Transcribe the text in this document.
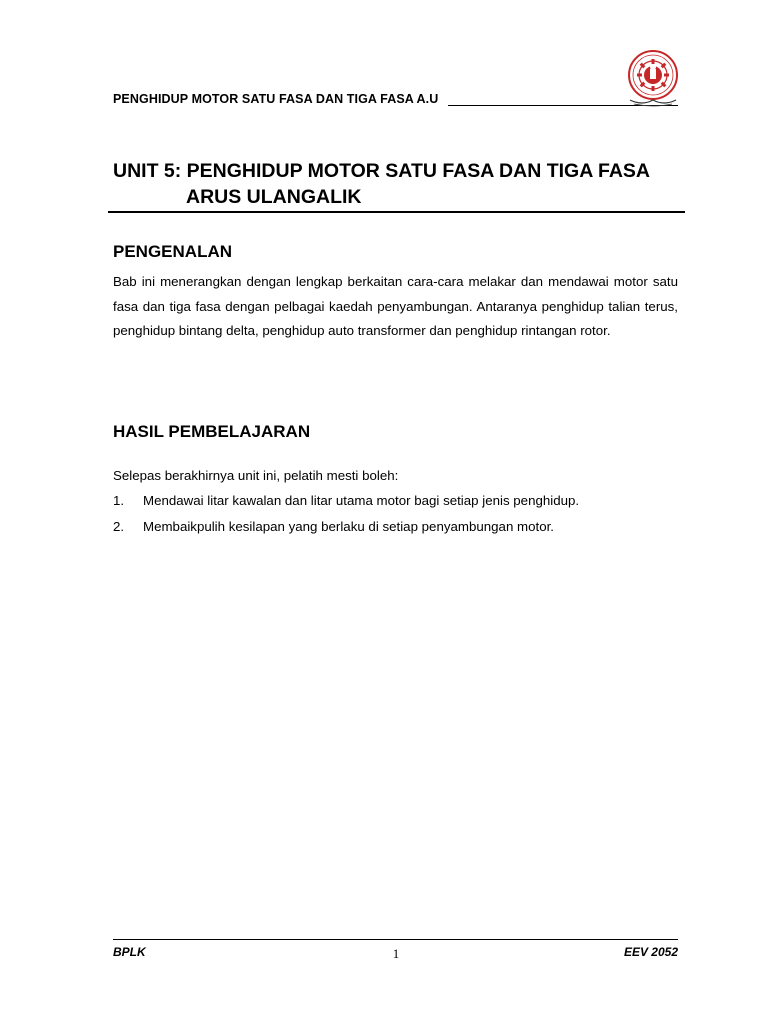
PENGHIDUP MOTOR SATU FASA DAN TIGA FASA A.U
UNIT 5: PENGHIDUP MOTOR SATU FASA DAN TIGA FASA
ARUS ULANGALIK
PENGENALAN

Bab ini menerangkan dengan lengkap berkaitan cara-cara melakar dan mendawai motor satu fasa dan tiga fasa dengan pelbagai kaedah penyambungan. Antaranya penghidup talian terus, penghidup bintang delta, penghidup auto transformer dan penghidup rintangan rotor.

HASIL PEMBELAJARAN

Selepas berakhirnya unit ini, pelatih mesti boleh:

1. Mendawai litar kawalan dan litar utama motor bagi setiap jenis penghidup.
2. Membaikpulih kesilapan yang berlaku di setiap penyambungan motor.
BPLK	1	EEV 2052
